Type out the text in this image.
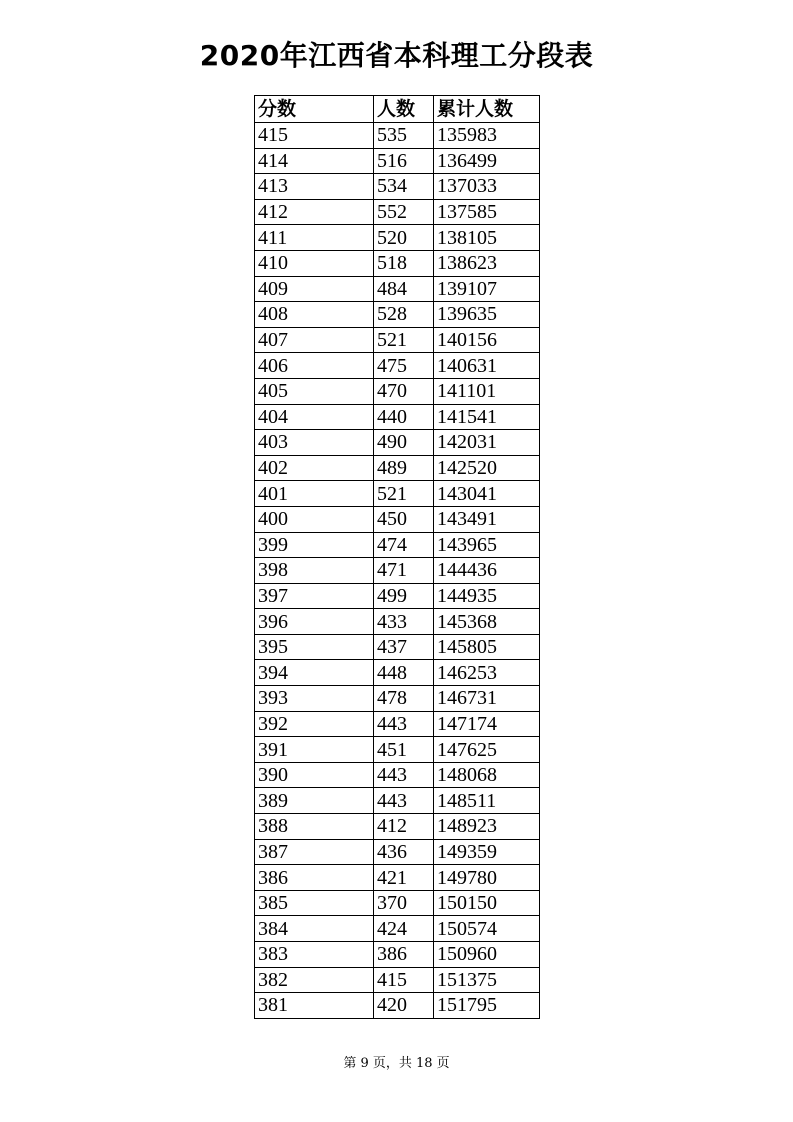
2020年江西省本科理工分段表
分数	人数	累计人数
415	535	135983
414	516	136499
413	534	137033
412	552	137585
411	520	138105
410	518	138623
409	484	139107
408	528	139635
407	521	140156
406	475	140631
405	470	141101
404	440	141541
403	490	142031
402	489	142520
401	521	143041
400	450	143491
399	474	143965
398	471	144436
397	499	144935
396	433	145368
395	437	145805
394	448	146253
393	478	146731
392	443	147174
391	451	147625
390	443	148068
389	443	148511
388	412	148923
387	436	149359
386	421	149780
385	370	150150
384	424	150574
383	386	150960
382	415	151375
381	420	151795
第 9 页，共 18 页
